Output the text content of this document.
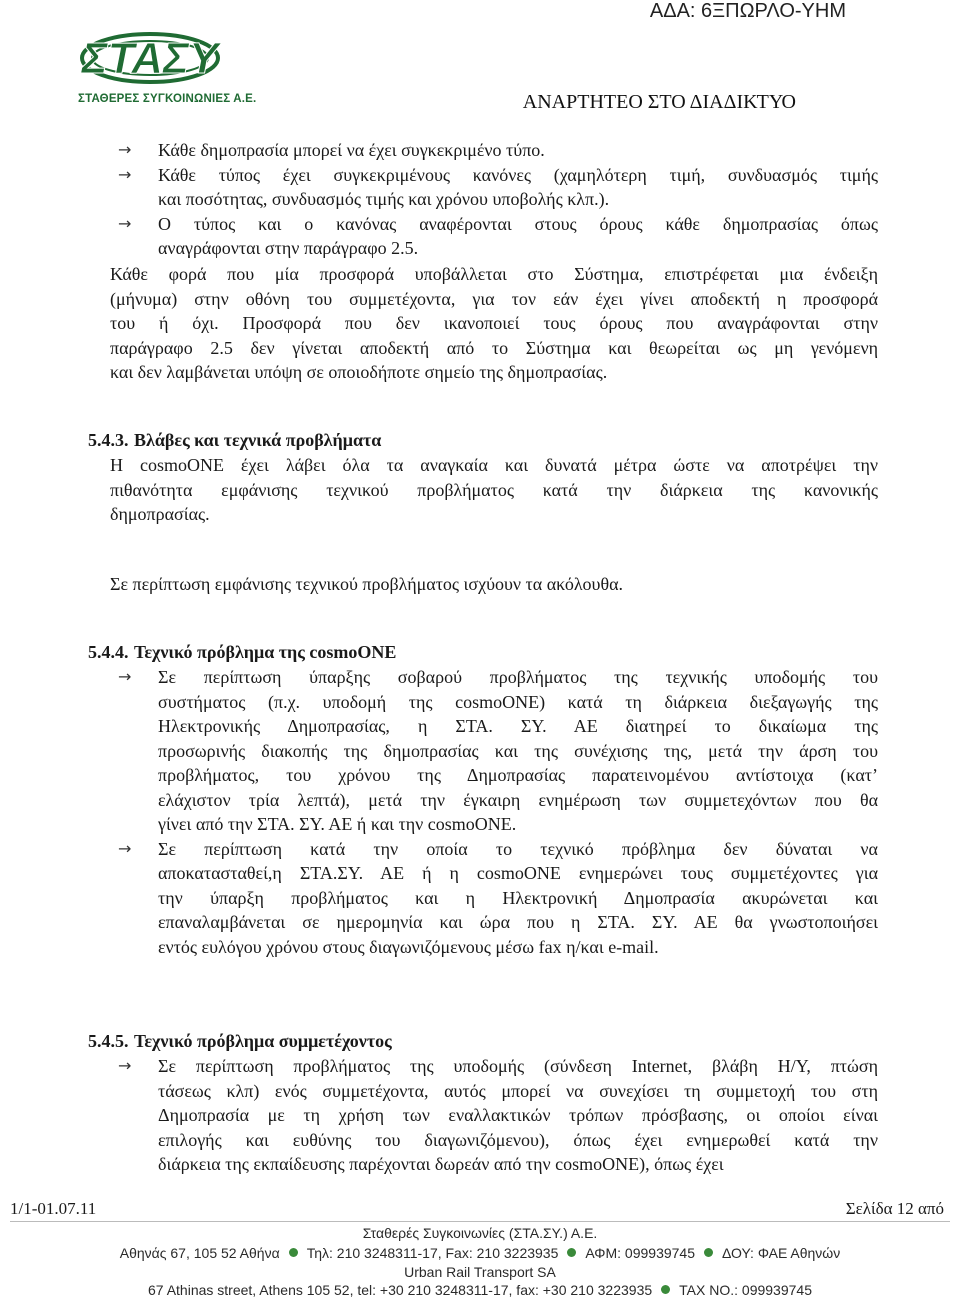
ΑΔΑ: 6ΞΠΩΡΛΟ-ΥΗΜ
ΣΤΑΣΥ
ΣΤΑΘΕΡΕΣ ΣΥΓΚΟΙΝΩΝΙΕΣ Α.Ε.	ΑΝΑΡΤΗΤΕΟ ΣΤΟ ΔΙΑΔΙΚΤΥΟ
→ Κάθε δημοπρασία μπορεί να έχει συγκεκριμένο τύπο.
→ Κάθε τύπος έχει συγκεκριμένους κανόνες (χαμηλότερη τιμή, συνδυασμός τιμής
και ποσότητας, συνδυασμός τιμής και χρόνου υποβολής κλπ.).
→ Ο τύπος και ο κανόνας αναφέρονται στους όρους κάθε δημοπρασίας όπως
αναγράφονται στην παράγραφο 2.5.
Κάθε φορά που μία προσφορά υποβάλλεται στο Σύστημα, επιστρέφεται μια ένδειξη
(μήνυμα) στην οθόνη του συμμετέχοντα, για τον εάν έχει γίνει αποδεκτή η προσφορά
του ή όχι. Προσφορά που δεν ικανοποιεί τους όρους που αναγράφονται στην
παράγραφο 2.5 δεν γίνεται αποδεκτή από το Σύστημα και θεωρείται ως μη γενόμενη
και δεν λαμβάνεται υπόψη σε οποιοδήποτε σημείο της δημοπρασίας.
5.4.3. Βλάβες και τεχνικά προβλήματα
Η cosmoONE έχει λάβει όλα τα αναγκαία και δυνατά μέτρα ώστε να αποτρέψει την
πιθανότητα εμφάνισης τεχνικού προβλήματος κατά την διάρκεια της κανονικής
δημοπρασίας.
Σε περίπτωση εμφάνισης τεχνικού προβλήματος ισχύουν τα ακόλουθα.
5.4.4. Τεχνικό πρόβλημα της cosmoONE
→ Σε περίπτωση ύπαρξης σοβαρού προβλήματος της τεχνικής υποδομής του
συστήματος (π.χ. υποδομή της cosmoONE) κατά τη διάρκεια διεξαγωγής της
Ηλεκτρονικής Δημοπρασίας, η ΣΤΑ. ΣΥ. ΑΕ διατηρεί το δικαίωμα της
προσωρινής διακοπής της δημοπρασίας και της συνέχισης της, μετά την άρση του
προβλήματος, του χρόνου της Δημοπρασίας παρατεινομένου αντίστοιχα (κατ’
ελάχιστον τρία λεπτά), μετά την έγκαιρη ενημέρωση των συμμετεχόντων που θα
γίνει από την ΣΤΑ. ΣΥ. ΑΕ ή και την cosmoONE.
→ Σε περίπτωση κατά την οποία το τεχνικό πρόβλημα δεν δύναται να
αποκατασταθεί,η ΣΤΑ.ΣΥ. ΑΕ ή η cosmoONE ενημερώνει τους συμμετέχοντες για
την ύπαρξη προβλήματος και η Ηλεκτρονική Δημοπρασία ακυρώνεται και
επαναλαμβάνεται σε ημερομηνία και ώρα που η ΣΤΑ. ΣΥ. ΑΕ θα γνωστοποιήσει
εντός ευλόγου χρόνου στους διαγωνιζόμενους μέσω fax η/και e-mail.
5.4.5. Τεχνικό πρόβλημα συμμετέχοντος
→ Σε περίπτωση προβλήματος της υποδομής (σύνδεση Internet, βλάβη Η/Υ, πτώση
τάσεως κλπ) ενός συμμετέχοντα, αυτός μπορεί να συνεχίσει τη συμμετοχή του στη
Δημοπρασία με τη χρήση των εναλλακτικών τρόπων πρόσβασης, οι οποίοι είναι
επιλογής και ευθύνης του διαγωνιζόμενου), όπως έχει ενημερωθεί κατά την
διάρκεια της εκπαίδευσης παρέχονται δωρεάν από την cosmoONE), όπως έχει
1/1-01.07.11	Σελίδα 12 από
Σταθερές Συγκοινωνίες (ΣΤΑ.ΣΥ.) Α.Ε.
Αθηνάς 67, 105 52 Αθήνα Τηλ: 210 3248311-17, Fax: 210 3223935 ΑΦΜ: 099939745 ΔΟΥ: ΦΑΕ Αθηνών
Urban Rail Transport SA
67 Athinas street, Athens 105 52, tel: +30 210 3248311-17, fax: +30 210 3223935 TAX NO.: 099939745
